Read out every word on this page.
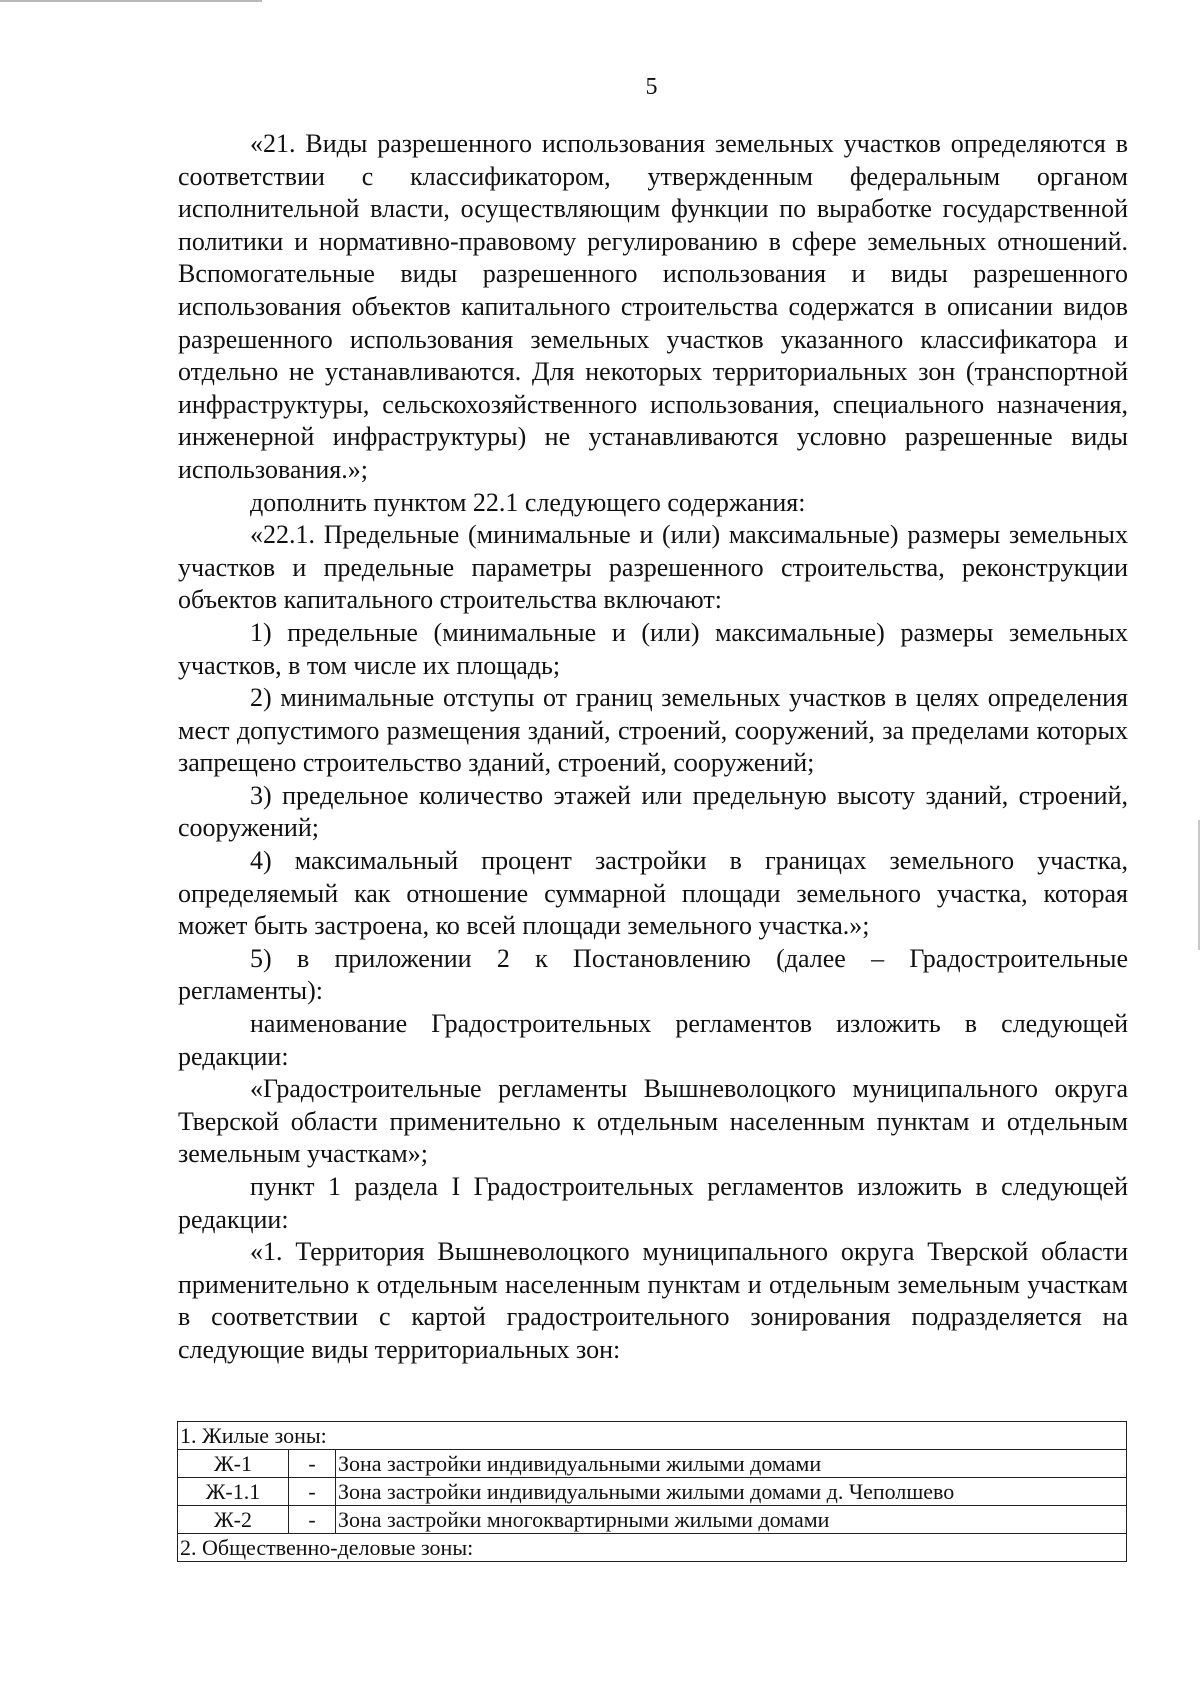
5

«21. Виды разрешенного использования земельных участков определяются в соответствии с классификатором, утвержденным федеральным органом исполнительной власти, осуществляющим функции по выработке государственной политики и нормативно-правовому регулированию в сфере земельных отношений. Вспомогательные виды разрешенного использования и виды разрешенного использования объектов капитального строительства содержатся в описании видов разрешенного использования земельных участков указанного классификатора и отдельно не устанавливаются. Для некоторых территориальных зон (транспортной инфраструктуры, сельскохозяйственного использования, специального назначения, инженерной инфраструктуры) не устанавливаются условно разрешенные виды использования.»;

дополнить пунктом 22.1 следующего содержания:

«22.1. Предельные (минимальные и (или) максимальные) размеры земельных участков и предельные параметры разрешенного строительства, реконструкции объектов капитального строительства включают:

1) предельные (минимальные и (или) максимальные) размеры земельных участков, в том числе их площадь;

2) минимальные отступы от границ земельных участков в целях определения мест допустимого размещения зданий, строений, сооружений, за пределами которых запрещено строительство зданий, строений, сооружений;

3) предельное количество этажей или предельную высоту зданий, строений, сооружений;

4) максимальный процент застройки в границах земельного участка, определяемый как отношение суммарной площади земельного участка, которая может быть застроена, ко всей площади земельного участка.»;

5) в приложении 2 к Постановлению (далее – Градостроительные регламенты):

наименование Градостроительных регламентов изложить в следующей редакции:

«Градостроительные регламенты Вышневолоцкого муниципального округа Тверской области применительно к отдельным населенным пунктам и отдельным земельным участкам»;

пункт 1 раздела I Градостроительных регламентов изложить в следующей редакции:

«1. Территория Вышневолоцкого муниципального округа Тверской области применительно к отдельным населенным пунктам и отдельным земельным участкам в соответствии с картой градостроительного зонирования подразделяется на следующие виды территориальных зон:

1. Жилые зоны:		
Ж-1	-	Зона застройки индивидуальными жилыми домами
Ж-1.1	-	Зона застройки индивидуальными жилыми домами д. Чеполшево
Ж-2	-	Зона застройки многоквартирными жилыми домами
2. Общественно-деловые зоны:		
